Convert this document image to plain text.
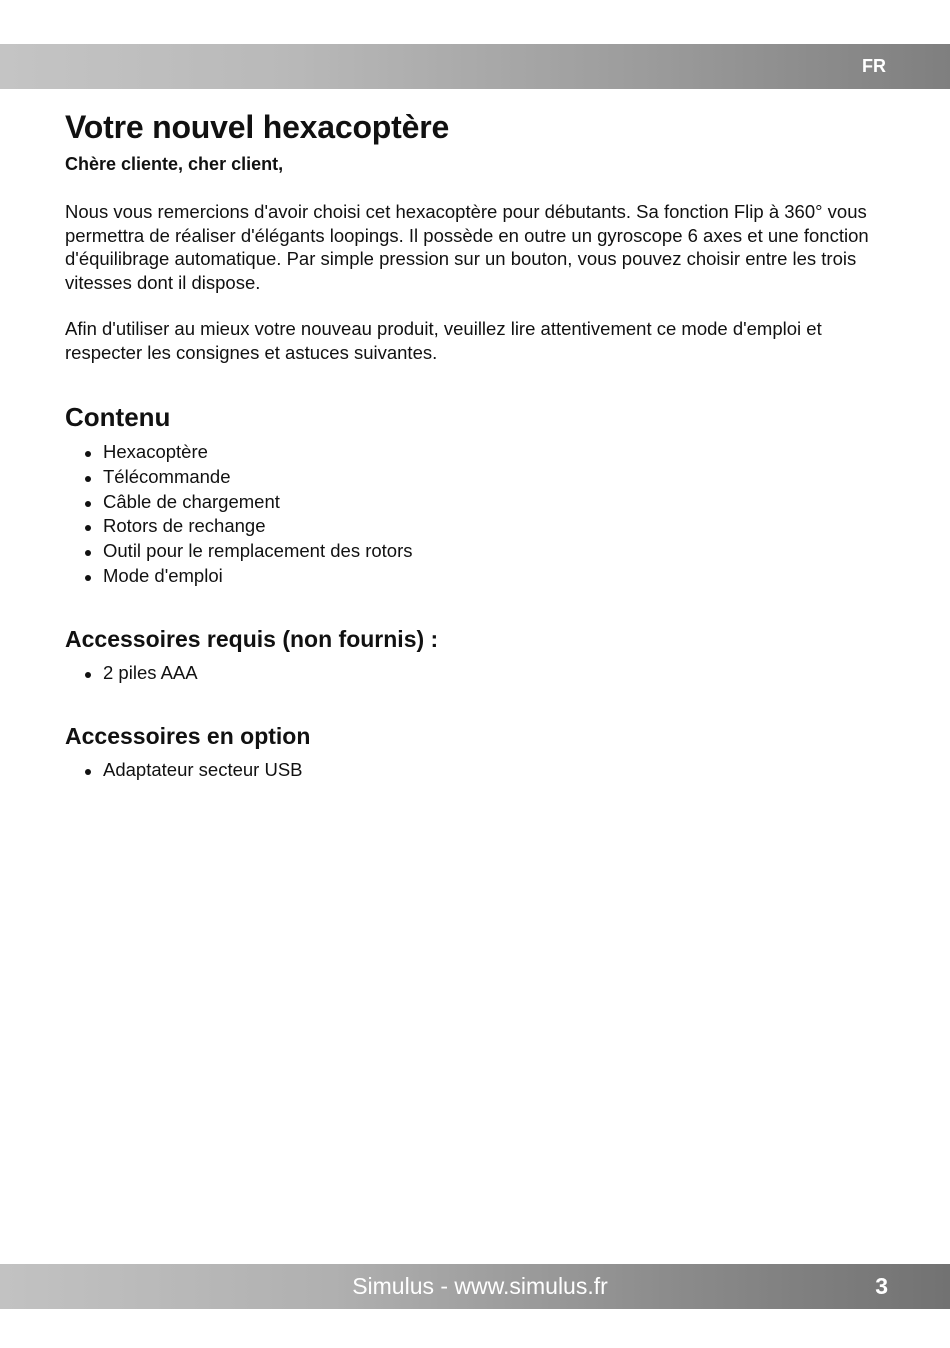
FR
Votre nouvel hexacoptère

Chère cliente, cher client,

Nous vous remercions d'avoir choisi cet hexacoptère pour débutants. Sa fonction Flip à 360° vous permettra de réaliser d'élégants loopings. Il possède en outre un gyroscope 6 axes et une fonction d'équilibrage automatique. Par simple pression sur un bouton, vous pouvez choisir entre les trois vitesses dont il dispose.

Afin d'utiliser au mieux votre nouveau produit, veuillez lire attentivement ce mode d'emploi et respecter les consignes et astuces suivantes.

Contenu
Hexacoptère
Télécommande
Câble de chargement
Rotors de rechange
Outil pour le remplacement des rotors
Mode d'emploi
Accessoires requis (non fournis) :
2 piles AAA
Accessoires en option
Adaptateur secteur USB
Simulus - www.simulus.fr	3
